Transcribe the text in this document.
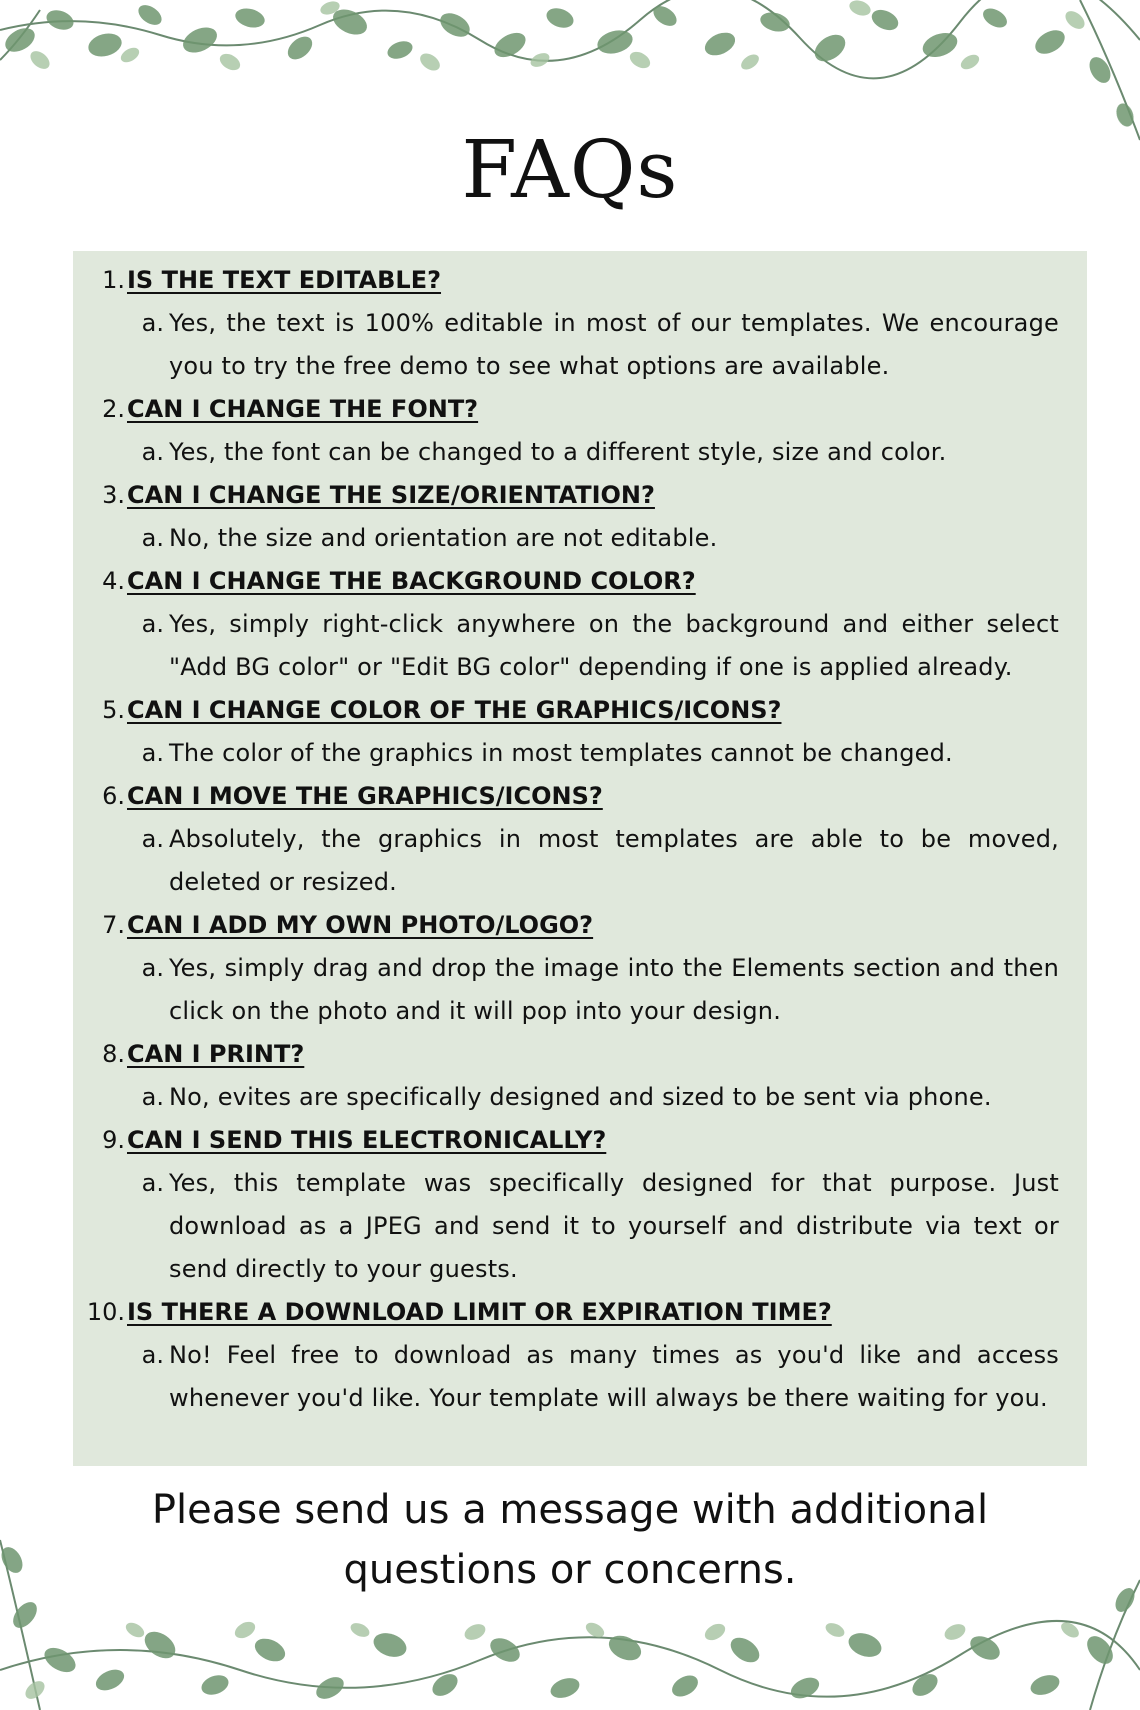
FAQs
1. IS THE TEXT EDITABLE?
a. Yes, the text is 100% editable in most of our templates. We encourage you to try the free demo to see what options are available.
2. CAN I CHANGE THE FONT?
a. Yes, the font can be changed to a different style, size and color.
3. CAN I CHANGE THE SIZE/ORIENTATION?
a. No, the size and orientation are not editable.
4. CAN I CHANGE THE BACKGROUND COLOR?
a. Yes, simply right-click anywhere on the background and either select "Add BG color" or "Edit BG color" depending if one is applied already.
5. CAN I CHANGE COLOR OF THE GRAPHICS/ICONS?
a. The color of the graphics in most templates cannot be changed.
6. CAN I MOVE THE GRAPHICS/ICONS?
a. Absolutely, the graphics in most templates are able to be moved, deleted or resized.
7. CAN I ADD MY OWN PHOTO/LOGO?
a. Yes, simply drag and drop the image into the Elements section and then click on the photo and it will pop into your design.
8. CAN I PRINT?
a. No, evites are specifically designed and sized to be sent via phone.
9. CAN I SEND THIS ELECTRONICALLY?
a. Yes, this template was specifically designed for that purpose. Just download as a JPEG and send it to yourself and distribute via text or send directly to your guests.
10. IS THERE A DOWNLOAD LIMIT OR EXPIRATION TIME?
a. No! Feel free to download as many times as you'd like and access whenever you'd like. Your template will always be there waiting for you.
Please send us a message with additional questions or concerns.
